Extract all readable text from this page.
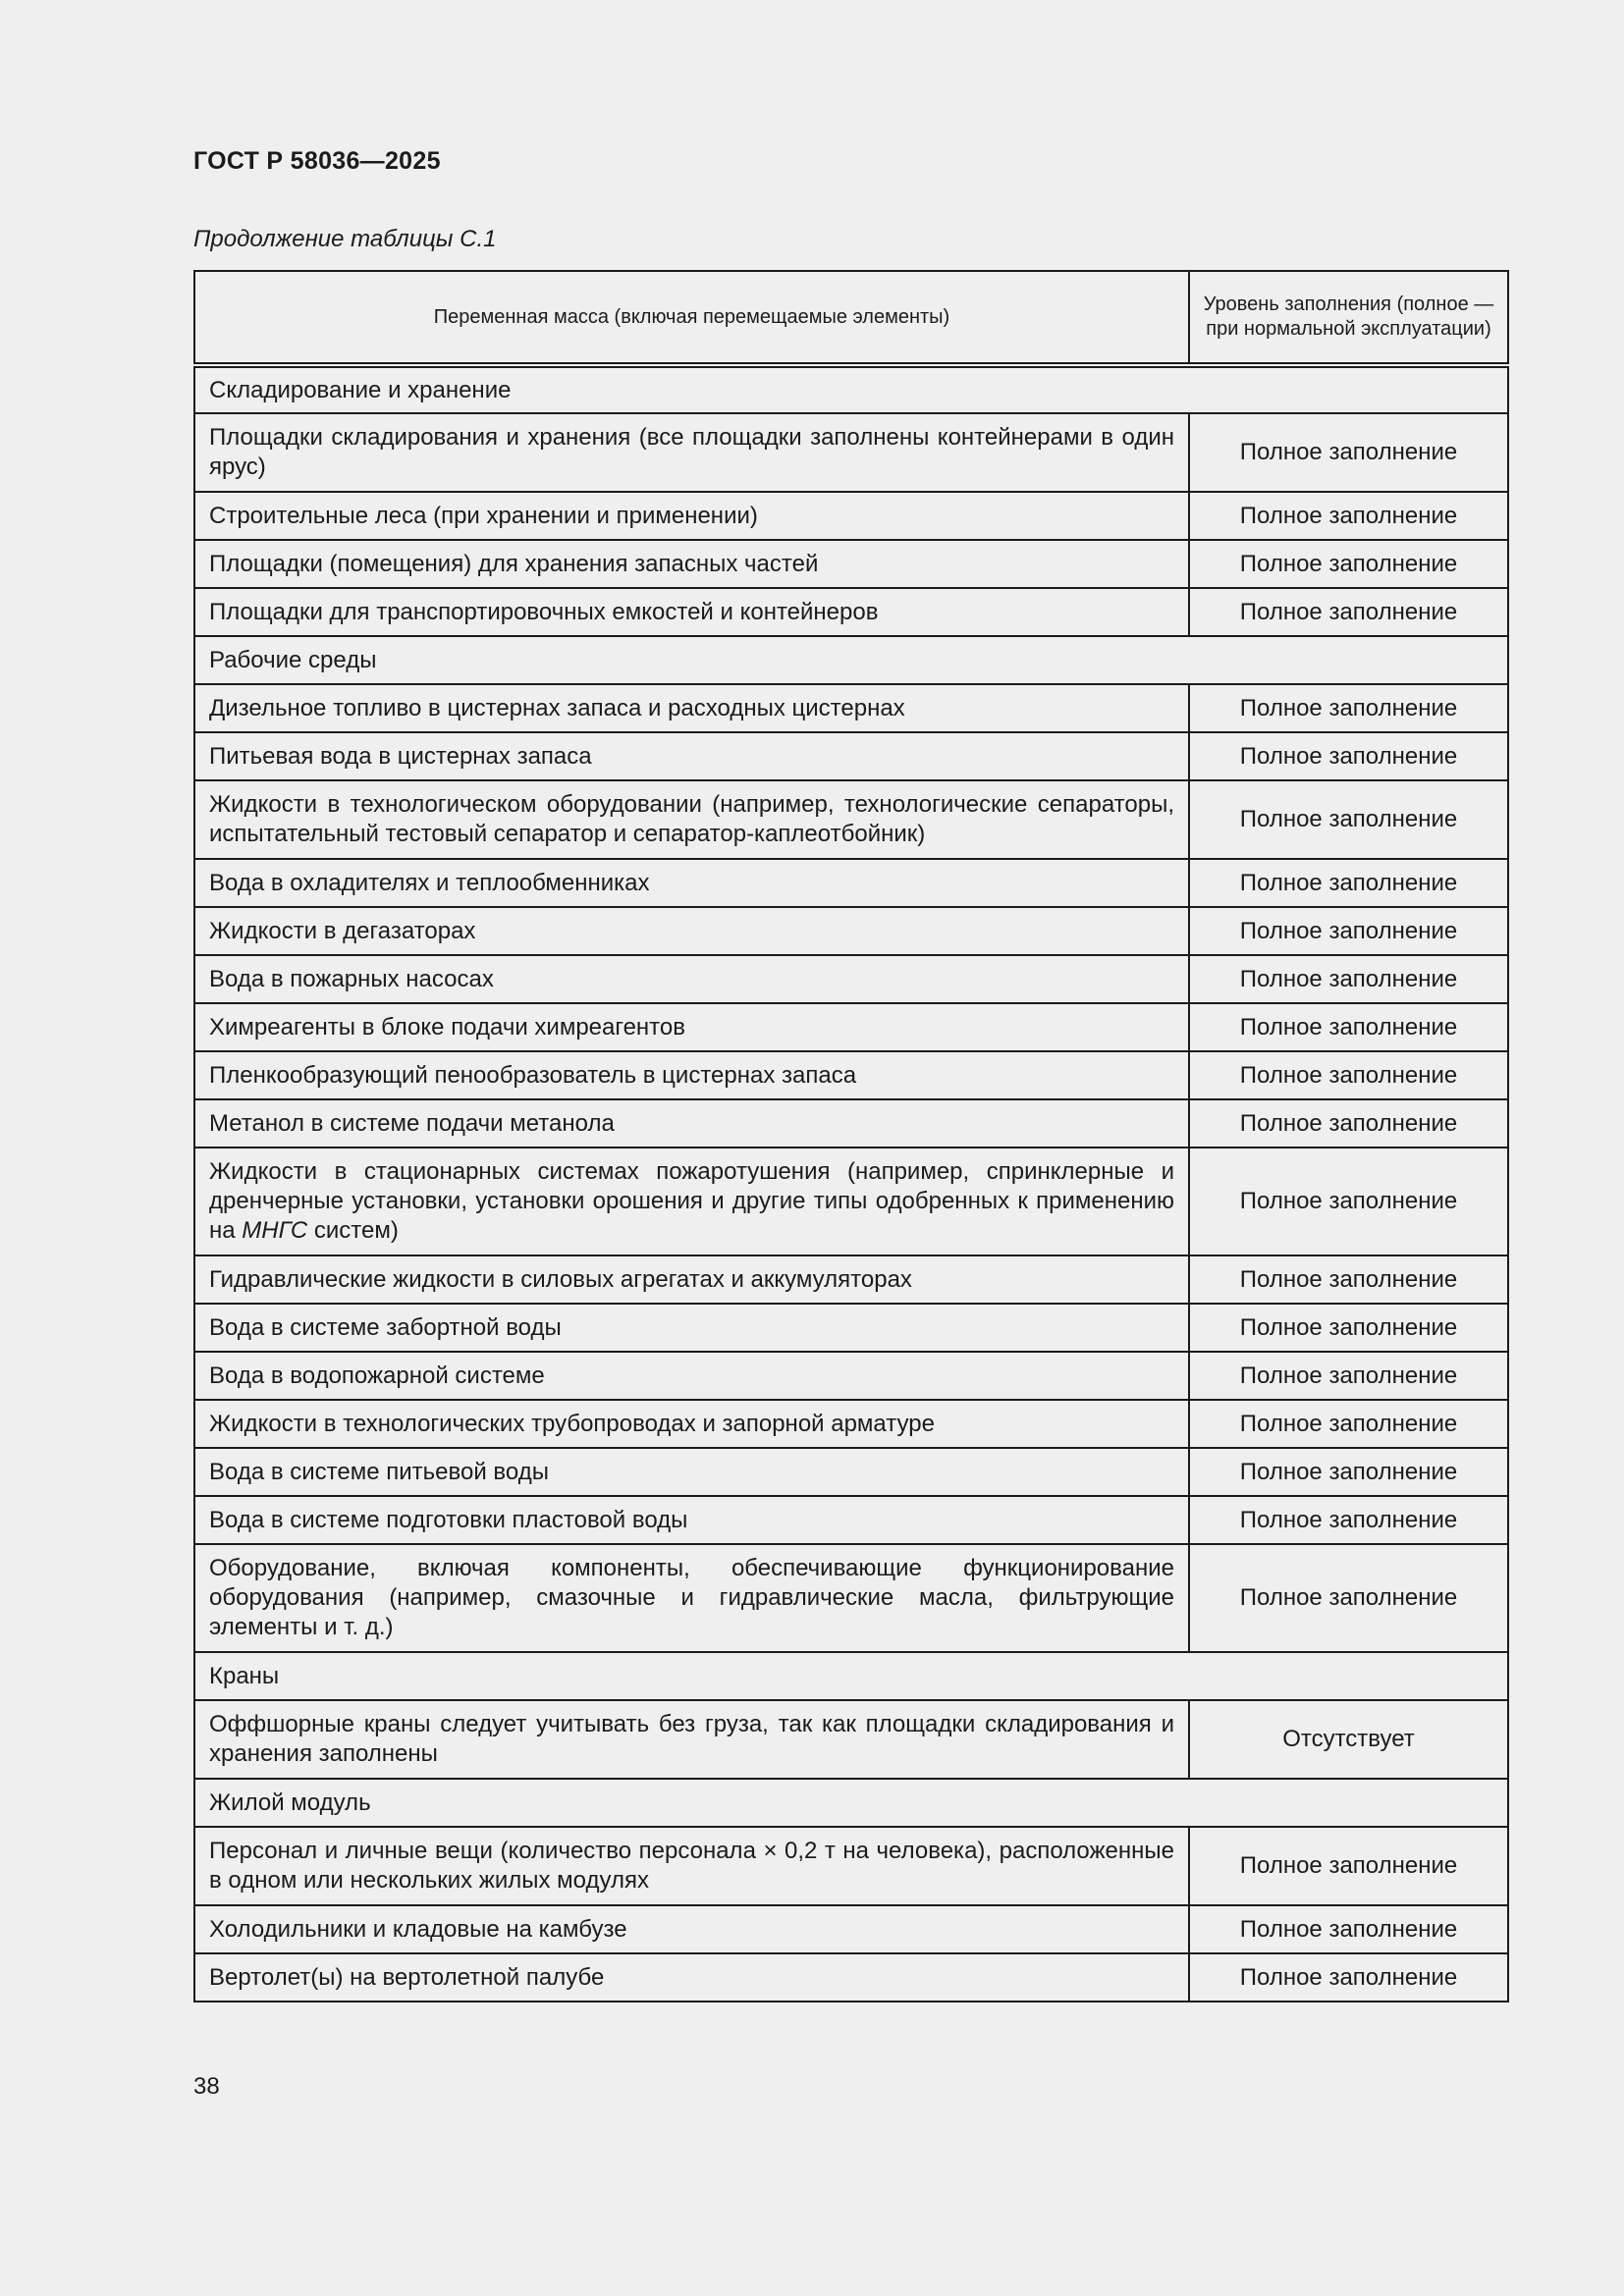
ГОСТ Р 58036—2025
Продолжение таблицы С.1
Переменная масса (включая перемещаемые элементы)	Уровень заполнения (полное — при нормальной эксплуатации)
Складирование и хранение	
Площадки складирования и хранения (все площадки заполнены контейнерами в один ярус)	Полное заполнение
Строительные леса (при хранении и применении)	Полное заполнение
Площадки (помещения) для хранения запасных частей	Полное заполнение
Площадки для транспортировочных емкостей и контейнеров	Полное заполнение
Рабочие среды	
Дизельное топливо в цистернах запаса и расходных цистернах	Полное заполнение
Питьевая вода в цистернах запаса	Полное заполнение
Жидкости в технологическом оборудовании (например, технологические сепараторы, испытательный тестовый сепаратор и сепаратор-каплеотбойник)	Полное заполнение
Вода в охладителях и теплообменниках	Полное заполнение
Жидкости в дегазаторах	Полное заполнение
Вода в пожарных насосах	Полное заполнение
Химреагенты в блоке подачи химреагентов	Полное заполнение
Пленкообразующий пенообразователь в цистернах запаса	Полное заполнение
Метанол в системе подачи метанола	Полное заполнение
Жидкости в стационарных системах пожаротушения (например, спринклерные и дренчерные установки, установки орошения и другие типы одобренных к применению на МНГС систем)	Полное заполнение
Гидравлические жидкости в силовых агрегатах и аккумуляторах	Полное заполнение
Вода в системе забортной воды	Полное заполнение
Вода в водопожарной системе	Полное заполнение
Жидкости в технологических трубопроводах и запорной арматуре	Полное заполнение
Вода в системе питьевой воды	Полное заполнение
Вода в системе подготовки пластовой воды	Полное заполнение
Оборудование, включая компоненты, обеспечивающие функционирование оборудования (например, смазочные и гидравлические масла, фильтрующие элементы и т. д.)	Полное заполнение
Краны	
Оффшорные краны следует учитывать без груза, так как площадки складирования и хранения заполнены	Отсутствует
Жилой модуль	
Персонал и личные вещи (количество персонала × 0,2 т на человека), расположенные в одном или нескольких жилых модулях	Полное заполнение
Холодильники и кладовые на камбузе	Полное заполнение
Вертолет(ы) на вертолетной палубе	Полное заполнение
38
